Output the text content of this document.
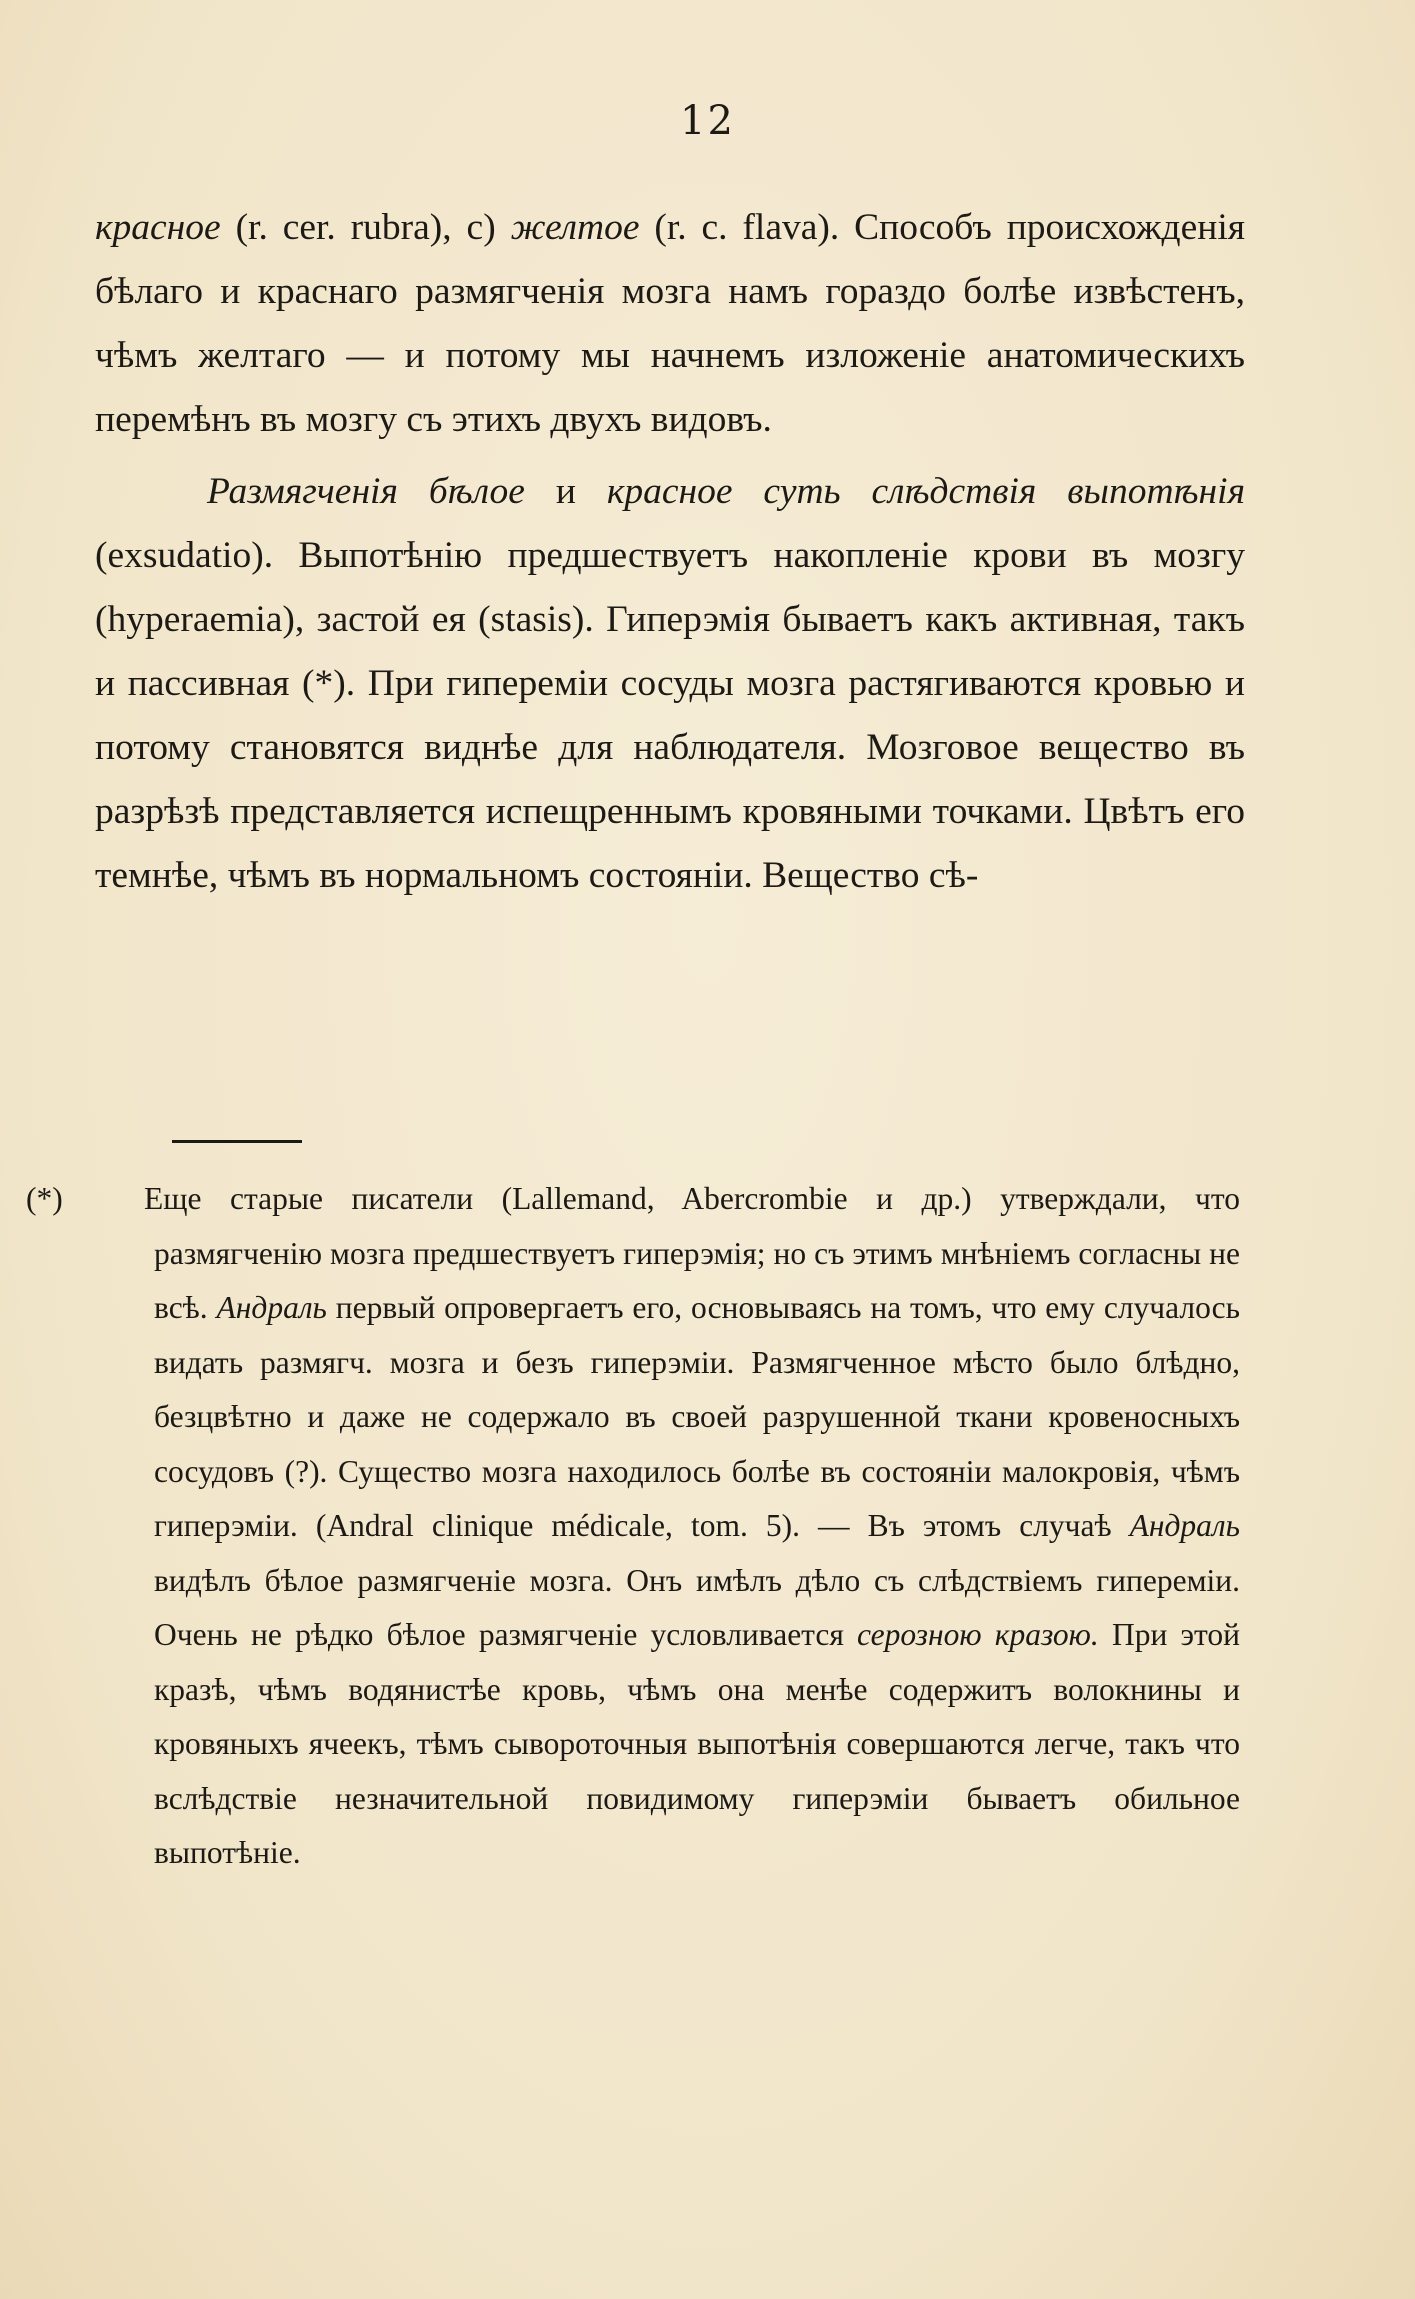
12

красное (r. cer. rubra), c) желтое (r. c. flava). Способъ происхожденія бѣлаго и краснаго размягченія мозга намъ гораздо болѣе извѣстенъ, чѣмъ желтаго — и потому мы начнемъ изложеніе анатомическихъ перемѣнъ въ мозгу съ этихъ двухъ видовъ.

Размягченія бѣлое и красное суть слѣдствія выпотѣнія (exsudatio). Выпотѣнію предшествуетъ накопленіе крови въ мозгу (hyperaemia), застой ея (stasis). Гиперэмія бываетъ какъ активная, такъ и пассивная (*). При гипереміи сосуды мозга растягиваются кровью и потому становятся виднѣе для наблюдателя. Мозговое вещество въ разрѣзѣ представляется испещреннымъ кровяными точками. Цвѣтъ его темнѣе, чѣмъ въ нормальномъ состояніи. Вещество сѣ-

(*)	Еще старые писатели (Lallemand, Abercrombie и др.) утверждали, что размягченію мозга предшествуетъ гиперэмія; но съ этимъ мнѣніемъ согласны не всѣ. Андраль первый опровергаетъ его, основываясь на томъ, что ему случалось видать размягч. мозга и безъ гиперэміи. Размягченное мѣсто было блѣдно, безцвѣтно и даже не содержало въ своей разрушенной ткани кровеносныхъ сосудовъ (?). Существо мозга находилось болѣе въ состояніи малокровія, чѣмъ гиперэміи. (Andral clinique médicale, tom. 5). — Въ этомъ случаѣ Андраль видѣлъ бѣлое размягченіе мозга. Онъ имѣлъ дѣло съ слѣдствіемъ гипереміи. Очень не рѣдко бѣлое размягченіе условливается серозною кразою. При этой кразѣ, чѣмъ водянистѣе кровь, чѣмъ она менѣе содержитъ волокнины и кровяныхъ ячеекъ, тѣмъ сывороточныя выпотѣнія совершаются легче, такъ что вслѣдствіе незначительной повидимому гиперэміи бываетъ обильное выпотѣніе.
